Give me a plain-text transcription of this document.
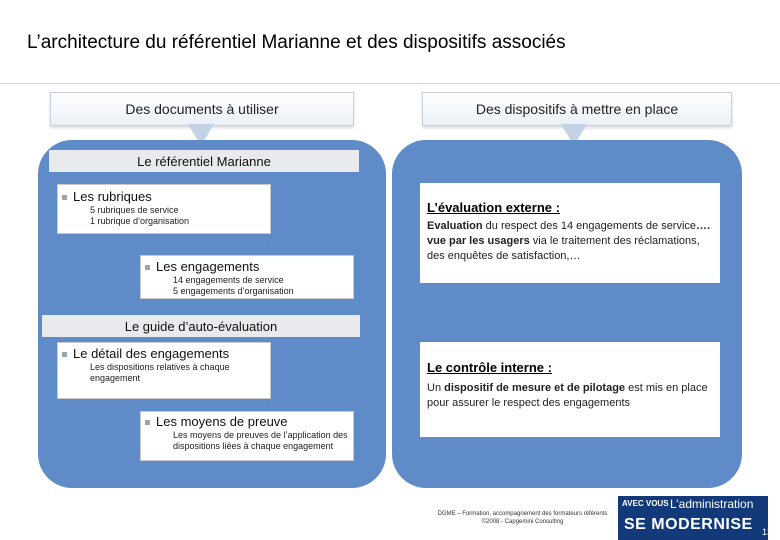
L’architecture du référentiel Marianne et des dispositifs associés
Des documents à utiliser	Des dispositifs à mettre en place
Le référentiel Marianne
Les rubriques
5 rubriques de service
1 rubrique d’organisation
Les engagements
14 engagements de service
5 engagements d’organisation
Le guide d’auto-évaluation
Le détail des engagements
Les dispositions relatives à chaque engagement
Les moyens de preuve
Les moyens de preuves de l’application des dispositions liées à chaque engagement
L’évaluation externe :
Evaluation du respect des 14 engagements de service…. vue par les usagers via le traitement des réclamations, des enquêtes de satisfaction,…
Le contrôle interne :
Un dispositif de mesure et de pilotage est mis en place pour assurer le respect des engagements
DGME – Formation, accompagnement des formateurs référents
©2008 - Capgemini Consulting
AVEC VOUS L’administration
SE MODERNISE 13
